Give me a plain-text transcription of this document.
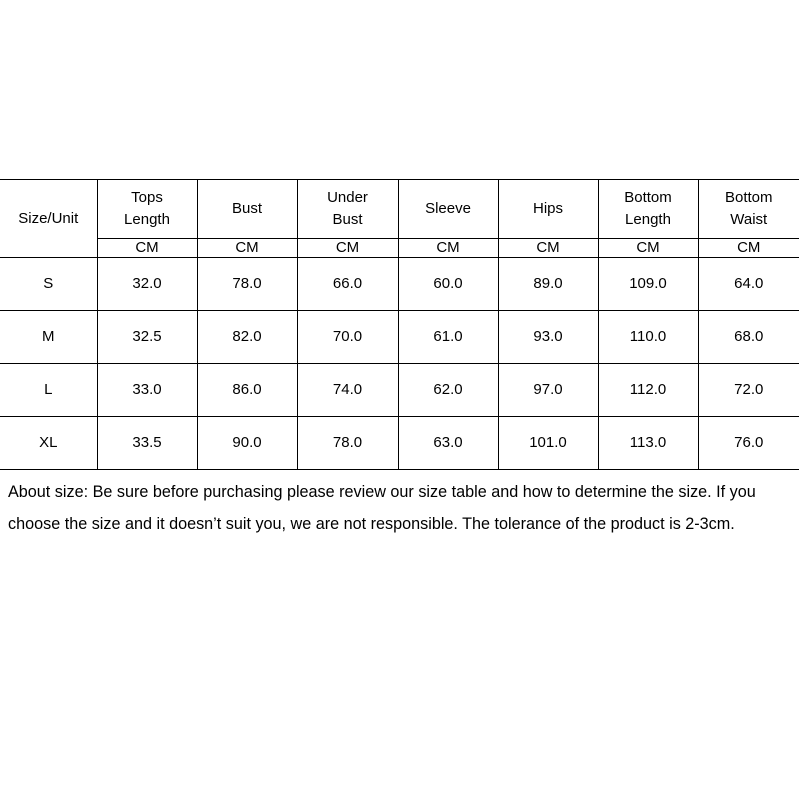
Size/Unit	Tops Length	Bust	Under Bust	Sleeve	Hips	Bottom Length	Bottom Waist

	CM	CM	CM	CM	CM	CM	CM
S	32.0	78.0	66.0	60.0	89.0	109.0	64.0
M	32.5	82.0	70.0	61.0	93.0	110.0	68.0
L	33.0	86.0	74.0	62.0	97.0	112.0	72.0
XL	33.5	90.0	78.0	63.0	101.0	113.0	76.0

About size: Be sure before purchasing please review our size table and how to determine the size. If you choose the size and it doesn’t suit you, we are not responsible. The tolerance of the product is 2-3cm.
